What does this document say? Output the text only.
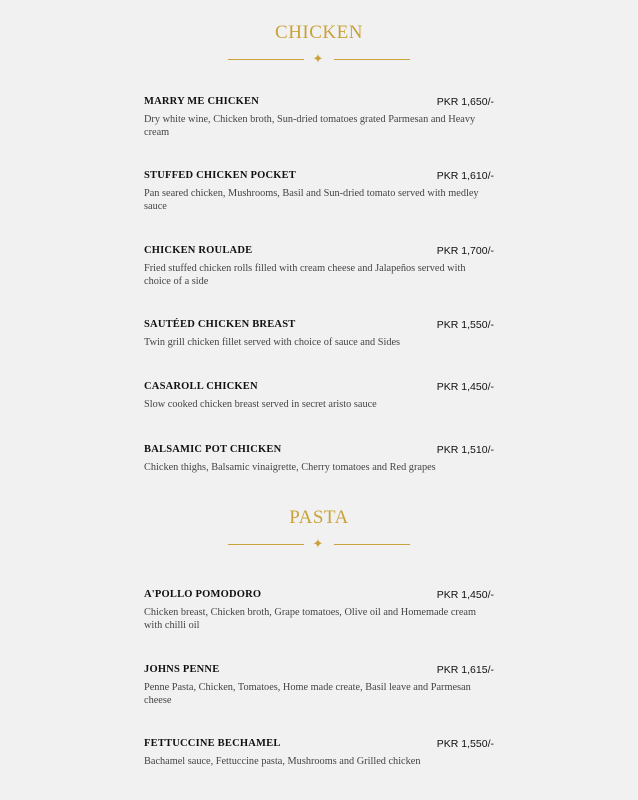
CHICKEN
✦
MARRY ME CHICKEN	PKR 1,650/-
Dry white wine, Chicken broth, Sun-dried tomatoes grated Parmesan and Heavy cream
STUFFED CHICKEN POCKET	PKR 1,610/-
Pan seared chicken, Mushrooms, Basil and Sun-dried tomato served with medley sauce
CHICKEN ROULADE	PKR 1,700/-
Fried stuffed chicken rolls filled with cream cheese and Jalapeños served with choice of a side
SAUTÉED CHICKEN BREAST	PKR 1,550/-
Twin grill chicken fillet served with choice of sauce and Sides
CASAROLL CHICKEN	PKR 1,450/-
Slow cooked chicken breast served in secret aristo sauce
BALSAMIC POT CHICKEN	PKR 1,510/-
Chicken thighs, Balsamic vinaigrette, Cherry tomatoes and Red grapes
PASTA
✦
A'POLLO POMODORO	PKR 1,450/-
Chicken breast, Chicken broth, Grape tomatoes, Olive oil and Homemade cream with chilli oil
JOHNS PENNE	PKR 1,615/-
Penne Pasta, Chicken, Tomatoes, Home made create, Basil leave and Parmesan cheese
FETTUCCINE BECHAMEL	PKR 1,550/-
Bachamel sauce, Fettuccine pasta, Mushrooms and Grilled chicken
